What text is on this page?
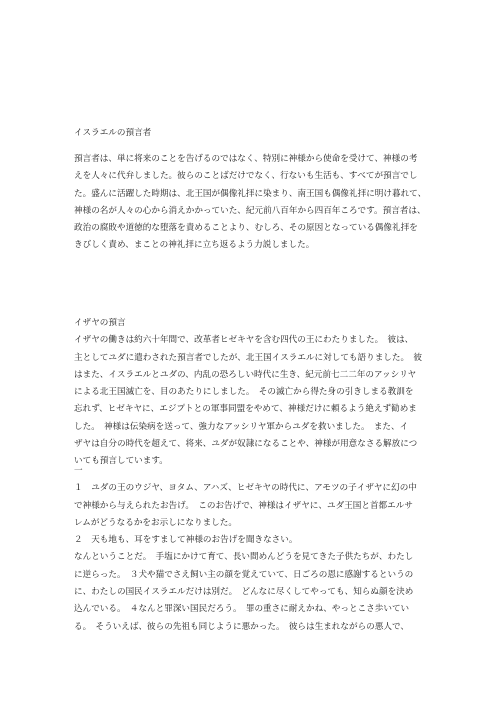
イスラエルの預言者
預言者は、単に将来のことを告げるのではなく、特別に神様から使命を受けて、神様の考
えを人々に代弁しました。彼らのことばだけでなく、行ないも生活も、すべてが預言でし
た。盛んに活躍した時期は、北王国が偶像礼拝に染まり、南王国も偶像礼拝に明け暮れて、
神様の名が人々の心から消えかかっていた、紀元前八百年から四百年ころです。預言者は、
政治の腐敗や道徳的な堕落を責めることより、むしろ、その原因となっている偶像礼拝を
きびしく責め、まことの神礼拝に立ち返るよう力説しました。
イザヤの預言
イザヤの働きは約六十年間で、改革者ヒゼキヤを含む四代の王にわたりました。　彼は、
主としてユダに遣わされた預言者でしたが、北王国イスラエルに対しても語りました。　彼
はまた、イスラエルとユダの、内乱の恐ろしい時代に生き、紀元前七二二年のアッシリヤ
による北王国滅亡を、目のあたりにしました。　その滅亡から得た身の引きしまる教訓を
忘れず、ヒゼキヤに、エジプトとの軍事同盟をやめて、神様だけに頼るよう絶えず勧めま
した。　神様は伝染病を送って、強力なアッシリヤ軍からユダを救いました。　また、イ
ザヤは自分の時代を超えて、将来、ユダが奴隷になることや、神様が用意なさる解放につ
いても預言しています。
一
１　ユダの王のウジヤ、ヨタム、アハズ、ヒゼキヤの時代に、アモツの子イザヤに幻の中
で神様から与えられたお告げ。　このお告げで、神様はイザヤに、ユダ王国と首都エルサ
レムがどうなるかをお示しになりました。
２　天も地も、耳をすまして神様のお告げを聞きなさい。
なんということだ。　手塩にかけて育て、長い間めんどうを見てきた子供たちが、わたし
に逆らった。　３犬や猫でさえ飼い主の顔を覚えていて、日ごろの恩に感謝するというの
に、わたしの国民イスラエルだけは別だ。　どんなに尽くしてやっても、知らぬ顔を決め
込んでいる。　４なんと罪深い国民だろう。　罪の重さに耐えかね、やっとこさ歩いてい
る。　そういえば、彼らの先祖も同じように悪かった。　彼らは生まれながらの悪人で、
